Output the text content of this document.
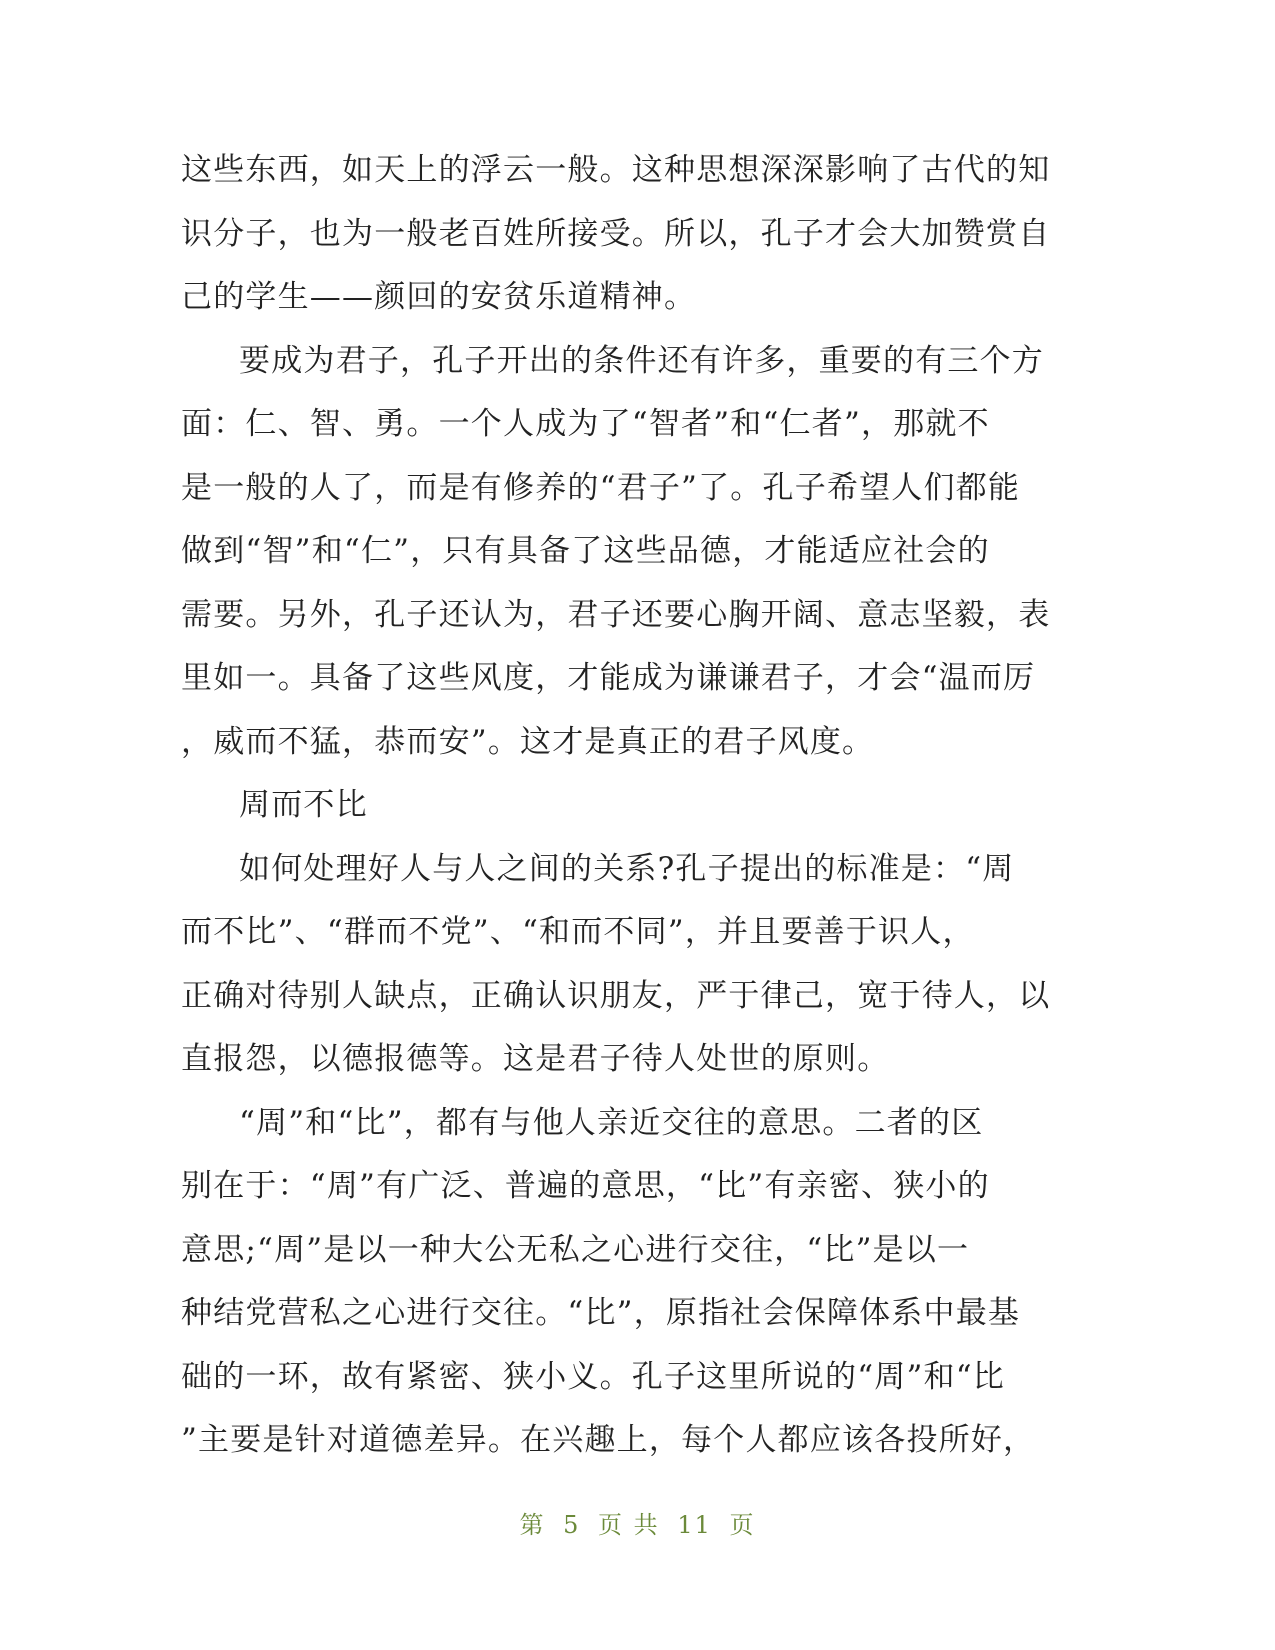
这些东西，如天上的浮云一般。这种思想深深影响了古代的知
识分子，也为一般老百姓所接受。所以，孔子才会大加赞赏自
己的学生——颜回的安贫乐道精神。
要成为君子，孔子开出的条件还有许多，重要的有三个方
面：仁、智、勇。一个人成为了“智者”和“仁者”，那就不
是一般的人了，而是有修养的“君子”了。孔子希望人们都能
做到“智”和“仁”，只有具备了这些品德，才能适应社会的
需要。另外，孔子还认为，君子还要心胸开阔、意志坚毅，表
里如一。具备了这些风度，才能成为谦谦君子，才会“温而厉
，威而不猛，恭而安”。这才是真正的君子风度。
周而不比
如何处理好人与人之间的关系?孔子提出的标准是：“周
而不比”、“群而不党”、“和而不同”，并且要善于识人，
正确对待别人缺点，正确认识朋友，严于律己，宽于待人，以
直报怨，以德报德等。这是君子待人处世的原则。
“周”和“比”，都有与他人亲近交往的意思。二者的区
别在于：“周”有广泛、普遍的意思，“比”有亲密、狭小的
意思;“周”是以一种大公无私之心进行交往，“比”是以一
种结党营私之心进行交往。“比”，原指社会保障体系中最基
础的一环，故有紧密、狭小义。孔子这里所说的“周”和“比
”主要是针对道德差异。在兴趣上，每个人都应该各投所好，
第 5 页 共 11 页
